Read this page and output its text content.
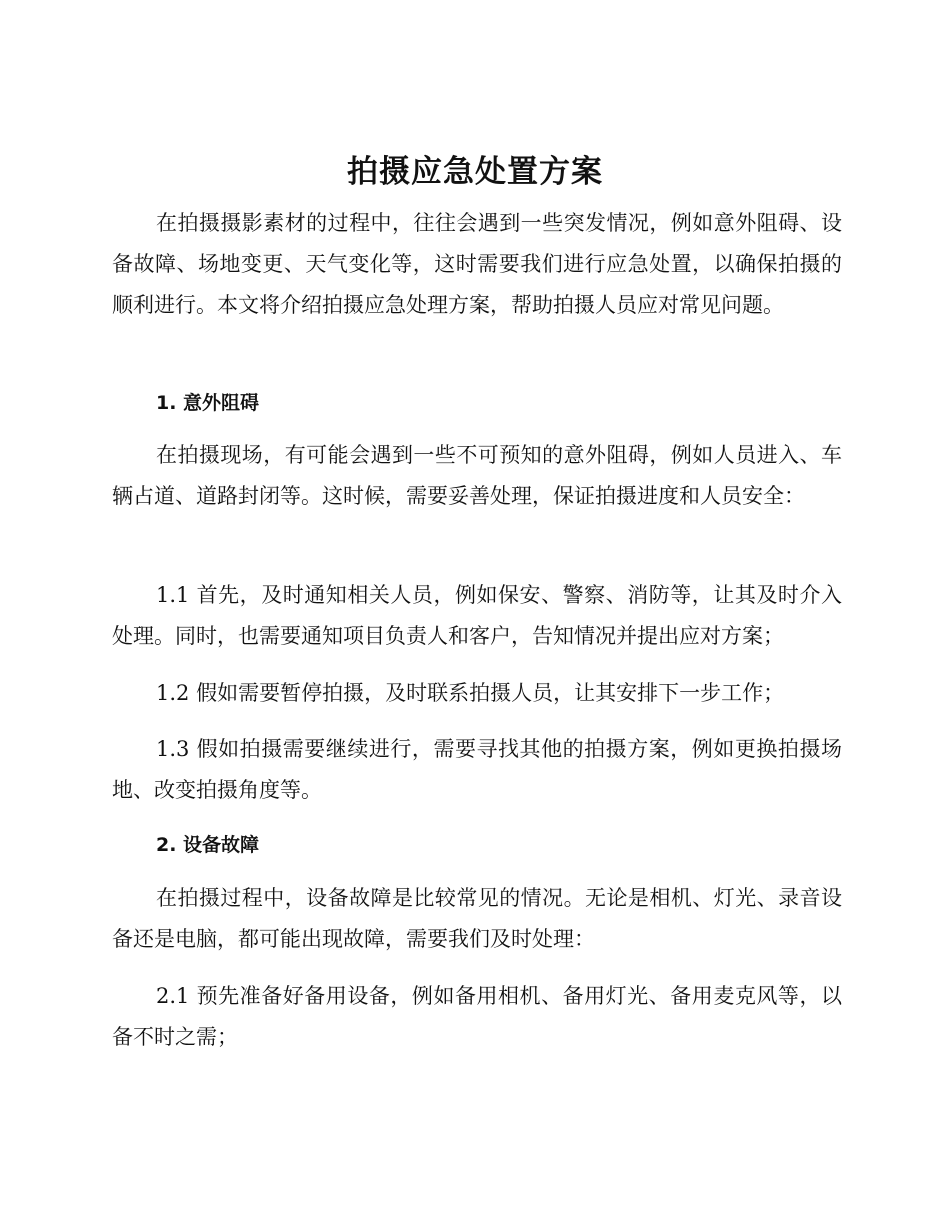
拍摄应急处置方案

在拍摄摄影素材的过程中，往往会遇到一些突发情况，例如意外阻碍、设备故障、场地变更、天气变化等，这时需要我们进行应急处置，以确保拍摄的顺利进行。本文将介绍拍摄应急处理方案，帮助拍摄人员应对常见问题。

1. 意外阻碍

在拍摄现场，有可能会遇到一些不可预知的意外阻碍，例如人员进入、车辆占道、道路封闭等。这时候，需要妥善处理，保证拍摄进度和人员安全：

1.1 首先，及时通知相关人员，例如保安、警察、消防等，让其及时介入处理。同时，也需要通知项目负责人和客户，告知情况并提出应对方案；

1.2 假如需要暂停拍摄，及时联系拍摄人员，让其安排下一步工作；

1.3 假如拍摄需要继续进行，需要寻找其他的拍摄方案，例如更换拍摄场地、改变拍摄角度等。

2. 设备故障

在拍摄过程中，设备故障是比较常见的情况。无论是相机、灯光、录音设备还是电脑，都可能出现故障，需要我们及时处理：

2.1 预先准备好备用设备，例如备用相机、备用灯光、备用麦克风等，以备不时之需；
